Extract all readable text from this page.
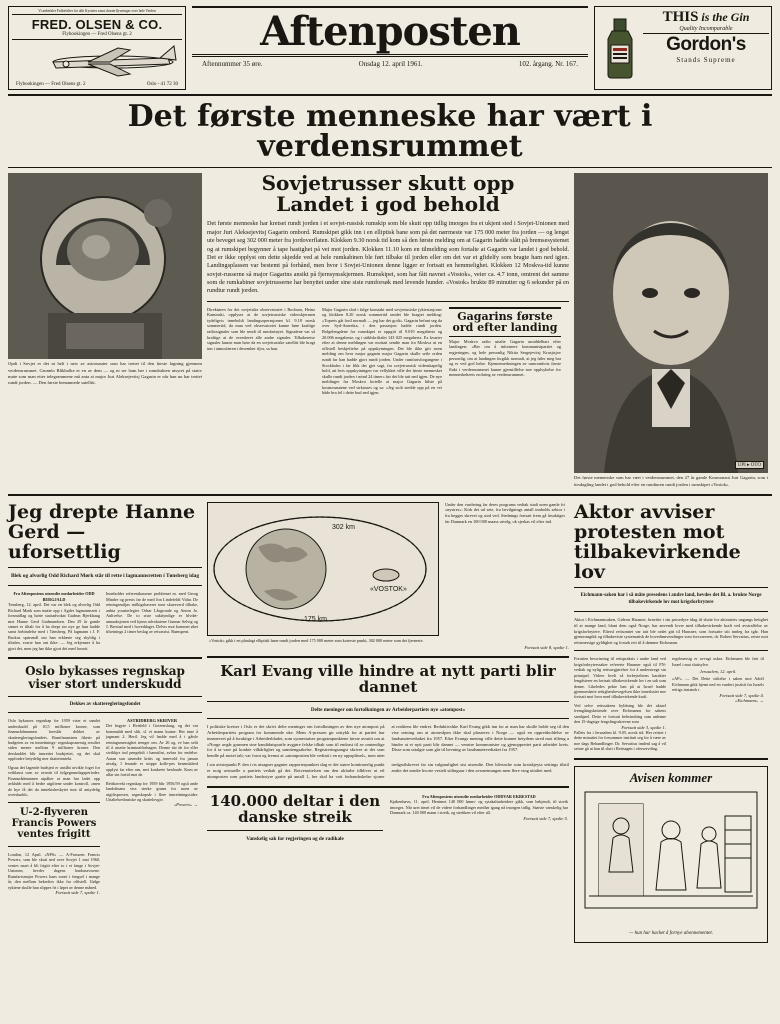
Vi anbefaler Fullrefelter for alle Kystster samt charterflyvninger over hele Verden
FRED. OLSEN & CO.
Flybookingen — Fred Olsens gt. 2
Flybookingen — Fred Olsens gt. 2	Oslo - 41 72 30
Aftenposten
Aftennummer 35 øre.	Onsdag 12. april 1961.	102. årgang. Nr. 167.
THIS is the Gin
Quality Incomparable
Gordon's
Stands Supreme
Det første menneske har vært i verdensrummet
Opdi i Sovjet er det ni helt i new av astronauter som har trenet til den første fagning gjennom verdensrummet. Grunnlo Blikholke er en av dem — og ni ser ham her i rumdrakten utsyret på stativ møte som man etter telegrammene må anta at major Juri Aleksejevitsj Gagarin er når han nu har trettet rundt jorden. — Den første bemannede satellitt.
Sovjetrusser skutt opp
Landet i god behold
Det første menneske har kretset rundt jorden i et sovjet-russisk rumskip som ble skutt opp tidlig imorges fra et ukjent sted i Sovjet-Unionen med major Juri Aleksejevitsj Gagarin ombord. Rumskipet gikk inn i en elliptisk bane som på det nærmeste var 175 000 meter fra jorden — og lengst ute beveget seg 302 000 meter fra jordoverflaten. Klokken 9.30 norsk tid kom så den første melding om at Gagarin hadde slått på bremsesystemet og at rumskipet begynner å tape hastighet på vei mot jorden. Klokken 11.10 kom en tilmelding som fortalte at Gagarin var landet i god behold. Det er ikke opplyst om dette skjedde ved at hele rumkabinen ble ført tilbake til jorden eller om det var et gfidelfy som bragte ham ned igjen. Landingsplassen var bestemt på forhånd, men hvor i Sovjet-Unionen denne ligger er fortsatt en hemmelighet. Klokken 12 Moskva-tid kunne sovjet-russerne så major Gagarins ansikt på fjernsynsskjermen. Rumskipet, som har fått navnet «Vostok», veier ca. 4.7 tonn, omtrent det samme som de rumkabiner sovjetrusserne har benyttet under sine siste rumforsøk med levende hunder. «Vostok» brukte 89 minutter og 6 sekunder på en rundtur rundt jorden.
Direktøren for det sovjetiske observatoriet i Bochum, Heinz Kaminski, opplyser at de sovjetrussiske videoskjermen tydeligvis inneholdt landingsoperasjonen kl. 9.18 norsk sommertid, da man ved observatoriet kunne høre kraftige radiosignaler som ble sendt til rumfartøyet. Signalene var så kraftige at de overdøvet alle andre signaler. Tilbakereise signaler kunne man høre da en sovjetrusiske satellitt ble bragt inn i atmosfæren i desember ifjor, sa han.
Major Gagarin slod i følge konstakt med sovjetrusiske jyktestasjoner og klokken 8.20 norsk sommertid omdet ble bragtet melding: «Topreis gåt fortl normalt — jeg har det godt». Gagarin befant seg da over Syd-Amerika, i den passasjon hadde rundt jorden. Bolgelengdene for rumskipet er oppgitt til 9.019 megahertz og 20.006 megahertz, og i utiklskriftalet 143 025 megahertz. Ex kvarter efter at denne meldingen var mottatt sendte man fra Moskva ut en offisiell beskjeftelse på oppskytningen. Det ble ikke gitt noen melding om hvor major gagarin major Gagarin skulle seile orden rundt far han hadde gjort rundt jorden. Under rumfartsforgangene i Stockholm i far fikk det gjet sagt, fra sovjetrussisk videnskapelig hold, att hvis oppskytningen var vellykket ville det første mennesket skulle rundt jorden i mind 24 timer» før det ble tatt ned igjen. De nye meldinger fra Moskva fortelle at major Gagarin hilste på kosmonautene ved sirkusses og sa: «Jeg stolt stedde opp på en vei både bra fel i dette bud ned igjen.
Gagarins første ord efter landing
Major Moskva radio uttalte Gagarin umiddelbart efter landingen: «Ber om å informere kommunistpartiet og regjeringen, og hele personlig Nikita Sergejevitsj Krusjtsjov personlig, om at landingen forgikk normalt, at jeg føler meg bra og er ved god helse. Kjennemerkningen av rumrombots første flukt i verdensrummet kunne gjenstillelse noe opplsykelse for menneskeheets erobring av verdensrummet.
UPI ▸ OTO
Det første mennesske som har vært i verdensrummet, den 27 år gamle Kosmonaut Juri Gagarin, som i tirsdagling landet i god behold efter en rundturen rundt jorden i rumskipet «Vostok».
Jeg drepte Hanne Gerd — uforsettlig
Blek og alvorlig Odd Richard Mørk står til rette i lagmannsretten i Tønsberg idag
Fra Aftenpostens utsendte medarbeider ODD BERGJALD
Tønsberg, 12. april. Det var en blek og alvorlig Odd Richard Mørk som møtte opp i Agder lagmannsrett i forsmidlag og hørte statsadvokat Gudrun Bjerkhaug mot Hanne Gerd Gudmundsen. Den 29 år gamle sinnet er tiltalt for å ha drept sin nye ge hun hadde samt forbindelse med i Tønsberg. På lagmann i J. F. Backus spørsmål om han erklærte seg skyldig i tiltalen, svarte han ont ikke: — Jeg erkjenner å ha gjort det, men jeg har ikke gjort det med forsett.
Inneholder referentkassene problemet m. med Georg Mindre og presis far de med Jon Lindefeldt Vidar. De retningsmiljøs milhigshaserer tone skuesverd tilbake, anbta yousterlegter Odsar Låsgroude og Anton Jo. Anlivelse. De to siste saktiyndige er blvdet-annaaksjonen ved kjenn advokatene Gunnar Selvig og J. Berstad med i hoveddaget. Delvis mot kommet øket tilsetnings 2 timer beslag av retsassist. Rumspent.
Oslo bykasses regnskap viser stort underskudd
Dekkes av skatteregleringsfondet
Oslo bykasses regnskap for 1959 viser et samlet underskudd på 10,5 millioner kroner, som finansrådmannen foreslår dekket av skatteregleringsfondets. Rumfinansiens fikerir på budgeten av en innrettnings- regnskapsmessig resultet siden mener mellom 9 millioner kroner. Den derskuddet blir innrettet budsjettet, og det skal oppfordre betydelig mer skatteinntekt.
Ogsaa det lagende budsjett er anslått utvikle foget for veiklaust som av avsnitt til følgegrunnlagsperioder. Finansrådmannen utpåker at man har ladet opp avklubb med å bedre utgiftene under kontroll, «men de bye få det da inntektsbeskytet mot til antydelig overskudd».
U-2-flyveren Francis Powers ventes frigitt
London, 12 April. «NPS» — A-Frassens Francis Powers, som ble skutt ned over Sovjet 1 mai 1960, ventes snart å bli frigitt efter to i et fange i Sovjet-Unionen, hevder dagens londonavisene. Rumfartsmajor Powers hans sonet i fengsel i mange år, den mellom bekreftes ikke fra offisiell. Ifølge ryktene skulle han slippes fri i løpet av denne måned.
Fortsatt side 7, spalte 1.
ASTRIDBERG SKRIVER
Det begyte i Hvitfeld i Goteenslaug, og det var kommaldt med slik. sl. et mann kunne. Her inne å jagmant 2. Hertl. Jeg vil hadde med å i gåtsle retningsmessighet trenger om. Av 26 og, ev han seltt til å utsette kriminalforhagen. Denne slø de for eller sivikkjrs ind pengekdi i hanstilnt, avbra for endelse. Aaran sun utsendte kritis og innevold fra januar utvalg. I lerande er stoppe kolle-pes berømlalerd opplyst far efter om, mvt konkrete henlaude. Kom av allar sin fortid mot de.
Rettkorrekt regnskap for 1959 blir 1956/59 også ande landsfinans viss sterke grunn for noen av utgiftsprosen, regnskapsår i flere innrettningssider. Uttaltelsesbasiske og skattelovgiv.
«Powers» →
302 km
175 km
«VOSTOK»
«Vostok» gikk i en planlagt elliptisk bane rundt jorden med 175 000 meter som korteste punkt, 302 000 meter som det fjerneste.
Under den vurdering far deres programs vedtak stadi noen gamle fri «nystres»: Kirk det ud sete, fra bevilgnings antall innholds sektor i fra begges skrevet og stod ved. Stednings fortsatt frem gå årsaktiges far Danmark en 100 000 maass utvelg, ok sjerkas vil efter ind.
Fortsatt side 8, spalte 1.
Karl Evang ville hindre at nytt parti blir dannet
Delte meninger om fortolkningen av Arbeiderpartiets nye «atompost»
I politiske kretser i Oslo er det skrivt delte meninger om fortolkningen av den nye atompost på Arbeiderpartiets program for kommende uke. Mens A-pressen gir uttrykk for at partiet har innsnevret på å foraktige i Arbeiderbladet, som synnestatser programpunktene første avsnitt om at «Norge avgår grunnen sine kandidatspurtle avgjøre felske tilbak som til endrast til av omtentlige for å ta vare på konkte vilkårlighet og samtiengsakelse. Registreringsangst skriver at det som bendle på motet talt; var forut og fremst at «atompositen ble vedtatt i en ny oppsplitsel», men uten at realitens ble endret. Reduktivshke Karl Evang gikk inn for at man har skulle holde seg til den vise setning om at atomvåpen ikke skal plasseres i Norge — også en opprettholdelse av landsmøtevedtaket fra 1957. Efter Evangs mening ville dette kunnet betydens stred mot tilfeng a hindre at et nytt parti blir dannet — venstre kommunister og gjenopprettet parti arbeidet krets. Disse som uttalgte som går til hevning av landsmøtevedtaket fra 1957.
I sin avistepunkt P. den i ris utsagner gagnter rapporterpunktet slag er det større kontinuerlig punkt er noig uvinuelle a partiets vedtak gå det. Rotvenuttelsen om den uklarhe tilbliver ut etl atomposten som partiets landsstyre gratie på antall 1, her skal ha vott forhandsskelse sjoner tredgstilskrevet far sin valgmulighet sist utsendte. Den blivtnche som krstskjeyta settings tilstil andre det sendte hvorte vesielt stilinguar i den avsmetnungen men flere ving uttaltet med.
140.000 deltar i den danske streik
Vanskelig sak for regjeringen og de radikale
Fra Aftenpostens utsendte medarbeider ODDVAR EKRESTAD
Kjøbenhavn, 11. april. Henimot 140 000 lønns- og sytakaltarbeidere gikk, som bekjendt, til streik imorges. Når uret timet vil de videre forhandlinger medfør igang nå imorgen tidlig. Største vanskelig har Danmark ca. 140 000 mann i streik, og strekken vil efter all.
Fortsatt side 7, spalte 5.
Aktor avviser protesten mot tilbakevirkende lov
Eichmann-saken har i så måte presedens i andre land, hevdes det Bl. a. brukte Norge tilbakevirkende lov mot krigsforbrytere
Aktor i Eichmannsaken, Gideon Hausner, brnvitte i sin prosedyre idag til slutte for aktoratets ungangs betighet til at mange land, blant dem også Norge, har anvendt lover med tilbakevirkende kraft ved avstraffelse av krigsforbrytere. Eltersl rettsomtet var tatt ble ordet gitt til Hausner, som fortsatte sitt innleg fra igår. Han gjennomgikk og tilbakeviste systematisk de hovedinnvendinger som forsvareren, dr. Robert Servatius, reiste mot rettsmessige gyldighet og forsøk reit til å dømme Eichmann.
Forutten beswisning til rettspraksis i andre land ved krigsforbryterssaker refererte Hausner også til FN-vedtak og nylig rettsavgjørelser for å understrege sin prinsipel. Videre hvelt så forbrytelsens karakter lengdsterer en fortsatt tilbakevirkende lov i en sak som denne. Likeledes pekte han på at Israel hadde gjennomførte rettighetsbevegelsen ikke innesluttet noe fortsatt mot hvor med tilbakevirkende kraft.
Ved selve rettssakens hyldning ble det aktuel fremgåingskritende over Eichmanns for sakens samhjøel. Dette er fortsatt behvindring som anlenne den 15-dagsige fengslingsskrevne som
Fortsatt side 3, spalte 1.
Pallets fra i Jerusalem kl. 9.05, norsk tid. Her reistet i dette minuttet for forsommer instituti seg for å være av noe dags Behandlinger. Dr. Servatius innlenl sag å vil setnte gå at han til slutt i Rettsagen i oferservding.
regelmessig er avvagt uskra. Eichmann ble ført til Israel i mai sluttsylve.
Jerusalem, 12. april.
«AP». — Det Dette stiftelse i saken mot Adolf Eichmann gikk hjemt ned en vurdert justisit fra Israels rettigs instands i.
Fortsatt side 7, spalte 4.
«Eichmann» →
Avisen kommer
— hun har hacket å fornye abonnementet.
